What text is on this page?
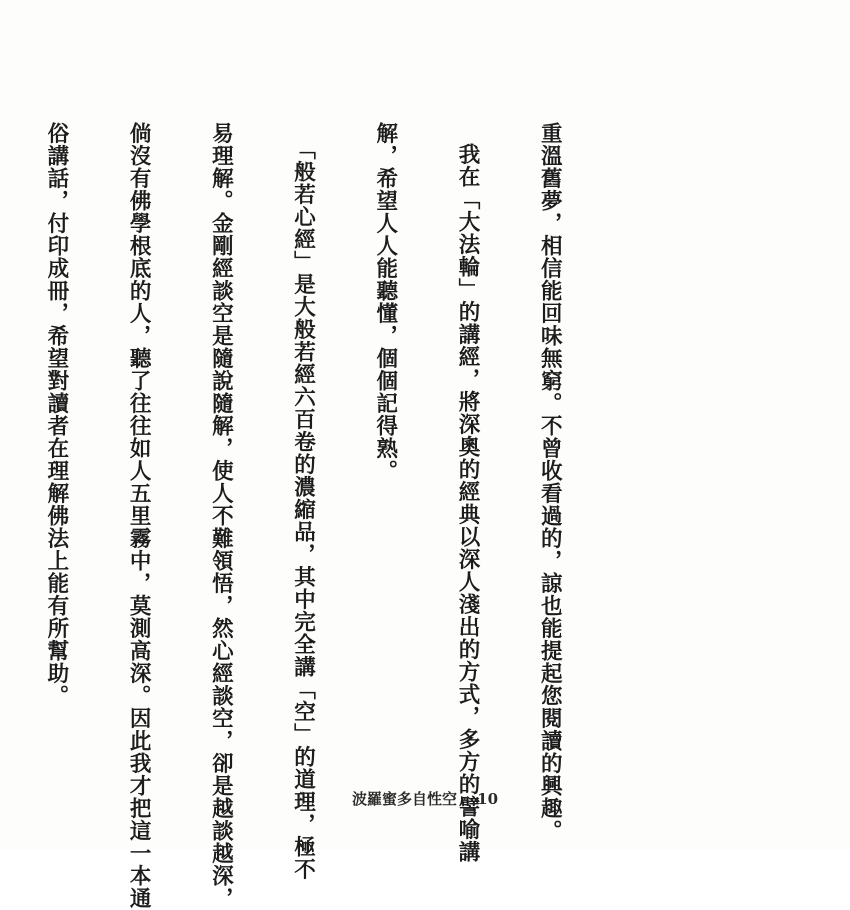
重溫舊夢，相信能回味無窮。不曾收看過的，諒也能提起您閱讀的興趣。

我在「大法輪」的講經，將深奧的經典以深人淺出的方式，多方的譬喻講

解，希望人人能聽懂，個個記得熟。

「般若心經」是大般若經六百卷的濃縮品，其中完全講「空」的道理，極不

易理解。金剛經談空是隨說隨解，使人不難領悟，然心經談空，卻是越談越深，

倘沒有佛學根底的人，聽了往往如人五里霧中，莫測高深。因此我才把這一本通

俗講話，付印成冊，希望對讀者在理解佛法上能有所幫助。

波羅蜜多自性空‧ 10
